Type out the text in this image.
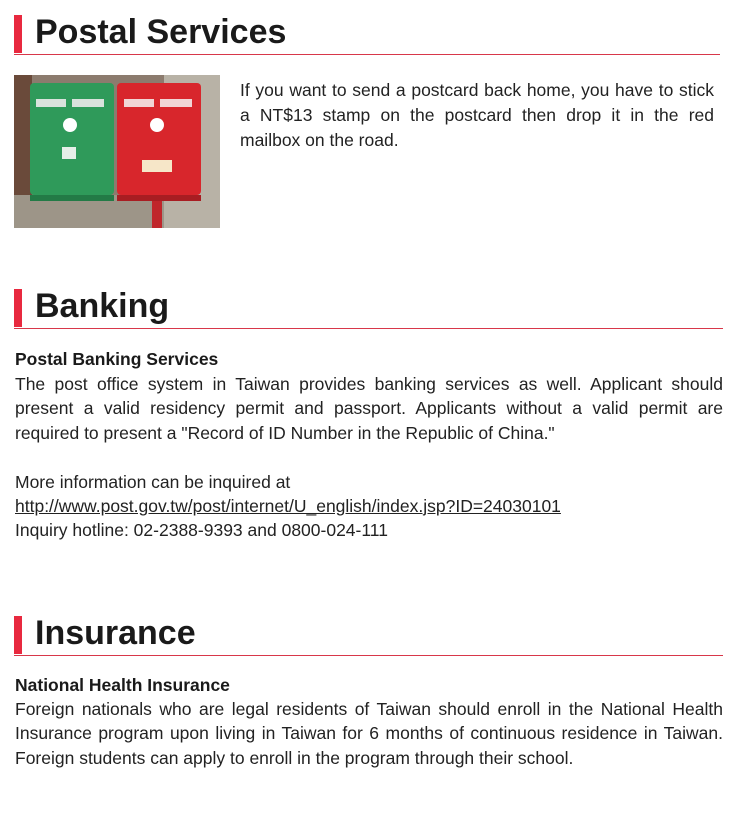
Postal Services

If you want to send a postcard back home, you have to stick a NT$13 stamp on the postcard then drop it in the red mailbox on the road.

Banking

Postal Banking Services

The post office system in Taiwan provides banking services as well. Applicant should present a valid residency permit and passport. Applicants without a valid permit are required to present a "Record of ID Number in the Republic of China."

More information can be inquired at

http://www.post.gov.tw/post/internet/U_english/index.jsp?ID=24030101

Inquiry hotline: 02-2388-9393 and 0800-024-111

Insurance

National Health Insurance

Foreign nationals who are legal residents of Taiwan should enroll in the National Health Insurance program upon living in Taiwan for 6 months of continuous residence in Taiwan. Foreign students can apply to enroll in the program through their school.
